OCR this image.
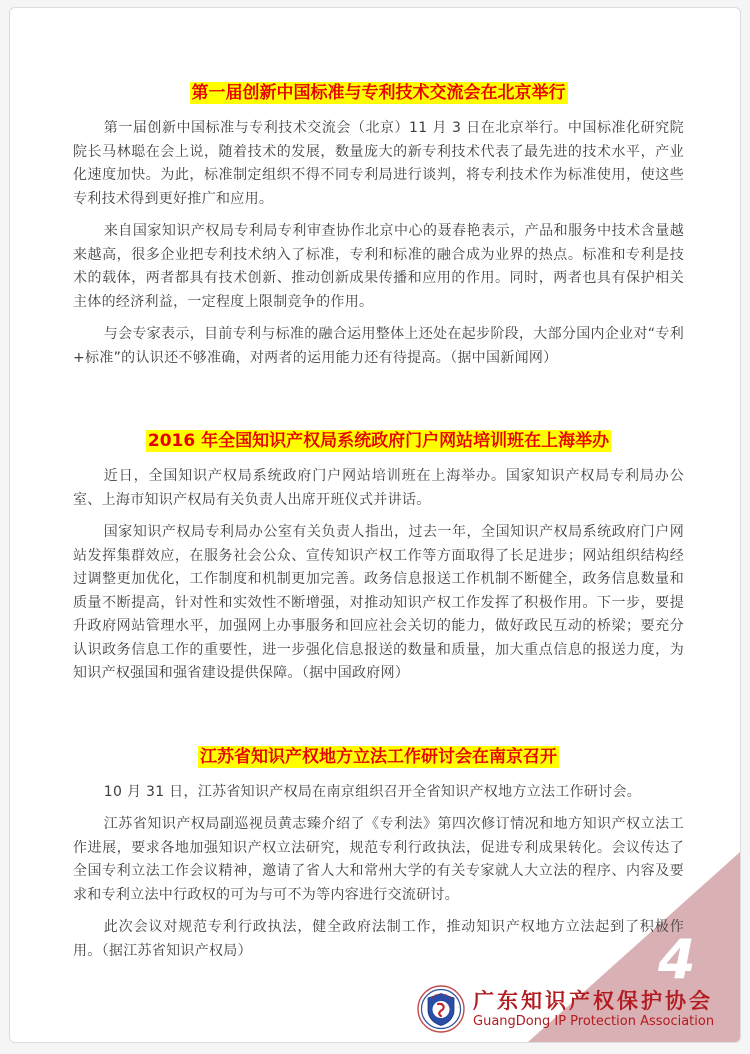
第一届创新中国标准与专利技术交流会在北京举行

第一届创新中国标准与专利技术交流会（北京）11 月 3 日在北京举行。中国标准化研究院院长马林聪在会上说，随着技术的发展，数量庞大的新专利技术代表了最先进的技术水平，产业化速度加快。为此，标准制定组织不得不同专利局进行谈判，将专利技术作为标准使用，使这些专利技术得到更好推广和应用。

来自国家知识产权局专利局专利审查协作北京中心的聂春艳表示，产品和服务中技术含量越来越高，很多企业把专利技术纳入了标准，专利和标准的融合成为业界的热点。标准和专利是技术的载体，两者都具有技术创新、推动创新成果传播和应用的作用。同时，两者也具有保护相关主体的经济利益，一定程度上限制竞争的作用。

与会专家表示，目前专利与标准的融合运用整体上还处在起步阶段，大部分国内企业对“专利+标准”的认识还不够准确，对两者的运用能力还有待提高。（据中国新闻网）

2016 年全国知识产权局系统政府门户网站培训班在上海举办

近日，全国知识产权局系统政府门户网站培训班在上海举办。国家知识产权局专利局办公室、上海市知识产权局有关负责人出席开班仪式并讲话。

国家知识产权局专利局办公室有关负责人指出，过去一年，全国知识产权局系统政府门户网站发挥集群效应，在服务社会公众、宣传知识产权工作等方面取得了长足进步；网站组织结构经过调整更加优化，工作制度和机制更加完善。政务信息报送工作机制不断健全，政务信息数量和质量不断提高，针对性和实效性不断增强，对推动知识产权工作发挥了积极作用。下一步，要提升政府网站管理水平，加强网上办事服务和回应社会关切的能力，做好政民互动的桥梁；要充分认识政务信息工作的重要性，进一步强化信息报送的数量和质量，加大重点信息的报送力度，为知识产权强国和强省建设提供保障。（据中国政府网）

江苏省知识产权地方立法工作研讨会在南京召开

10 月 31 日，江苏省知识产权局在南京组织召开全省知识产权地方立法工作研讨会。

江苏省知识产权局副巡视员黄志臻介绍了《专利法》第四次修订情况和地方知识产权立法工作进展，要求各地加强知识产权立法研究，规范专利行政执法，促进专利成果转化。会议传达了全国专利立法工作会议精神，邀请了省人大和常州大学的有关专家就人大立法的程序、内容及要求和专利立法中行政权的可为与可不为等内容进行交流研讨。

此次会议对规范专利行政执法，健全政府法制工作，推动知识产权地方立法起到了积极作用。（据江苏省知识产权局）	4
广东知识产权保护协会
GuangDong IP Protection Association
